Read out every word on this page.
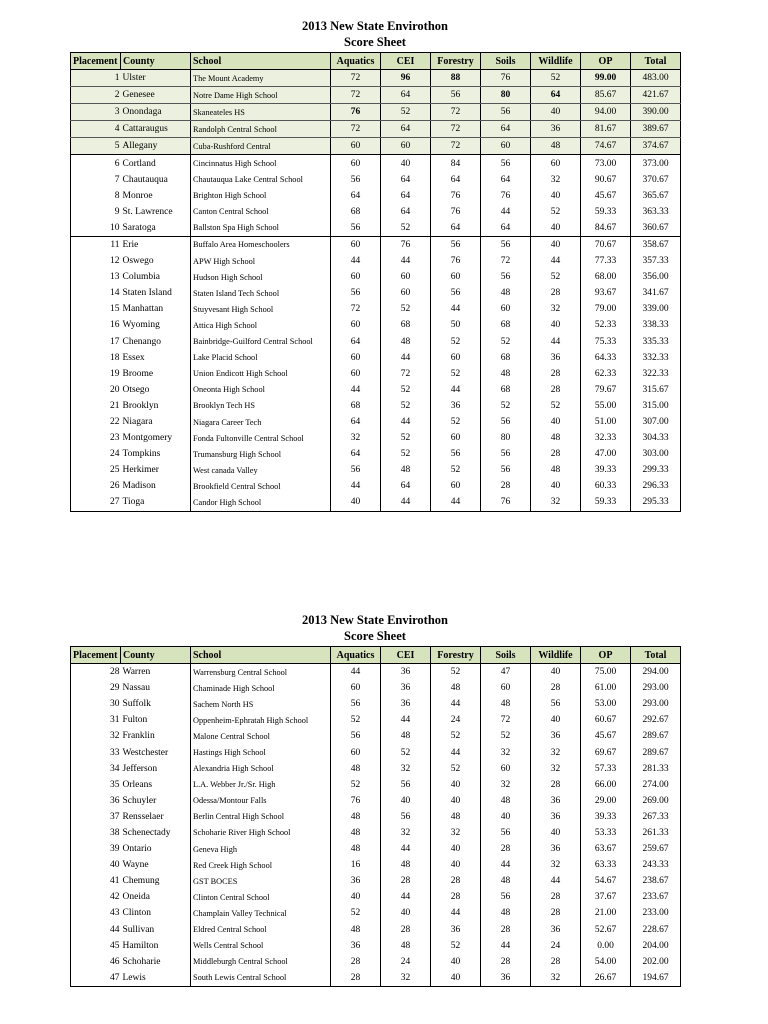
2013 New State Envirothon
Score Sheet
Placement	County	School	Aquatics	CEI	Forestry	Soils	Wildlife	OP	Total
1	Ulster	The Mount Academy	72	96	88	76	52	99.00	483.00
2	Genesee	Notre Dame High School	72	64	56	80	64	85.67	421.67
3	Onondaga	Skaneateles HS	76	52	72	56	40	94.00	390.00
4	Cattaraugus	Randolph Central School	72	64	72	64	36	81.67	389.67
5	Allegany	Cuba-Rushford Central	60	60	72	60	48	74.67	374.67
6	Cortland	Cincinnatus High School	60	40	84	56	60	73.00	373.00
7	Chautauqua	Chautauqua Lake Central School	56	64	64	64	32	90.67	370.67
8	Monroe	Brighton High School	64	64	76	76	40	45.67	365.67
9	St. Lawrence	Canton Central School	68	64	76	44	52	59.33	363.33
10	Saratoga	Ballston Spa High School	56	52	64	64	40	84.67	360.67
11	Erie	Buffalo Area Homeschoolers	60	76	56	56	40	70.67	358.67
12	Oswego	APW High School	44	44	76	72	44	77.33	357.33
13	Columbia	Hudson High School	60	60	60	56	52	68.00	356.00
14	Staten Island	Staten Island Tech School	56	60	56	48	28	93.67	341.67
15	Manhattan	Stuyvesant High School	72	52	44	60	32	79.00	339.00
16	Wyoming	Attica High School	60	68	50	68	40	52.33	338.33
17	Chenango	Bainbridge-Guilford Central School	64	48	52	52	44	75.33	335.33
18	Essex	Lake Placid School	60	44	60	68	36	64.33	332.33
19	Broome	Union Endicott High School	60	72	52	48	28	62.33	322.33
20	Otsego	Oneonta High School	44	52	44	68	28	79.67	315.67
21	Brooklyn	Brooklyn Tech HS	68	52	36	52	52	55.00	315.00
22	Niagara	Niagara Career Tech	64	44	52	56	40	51.00	307.00
23	Montgomery	Fonda Fultonville Central School	32	52	60	80	48	32.33	304.33
24	Tompkins	Trumansburg High School	64	52	56	56	28	47.00	303.00
25	Herkimer	West canada Valley	56	48	52	56	48	39.33	299.33
26	Madison	Brookfield Central School	44	64	60	28	40	60.33	296.33
27	Tioga	Candor High School	40	44	44	76	32	59.33	295.33
2013 New State Envirothon
Score Sheet
Placement	County	School	Aquatics	CEI	Forestry	Soils	Wildlife	OP	Total
28	Warren	Warrensburg Central School	44	36	52	47	40	75.00	294.00
29	Nassau	Chaminade High School	60	36	48	60	28	61.00	293.00
30	Suffolk	Sachem North HS	56	36	44	48	56	53.00	293.00
31	Fulton	Oppenheim-Ephratah High School	52	44	24	72	40	60.67	292.67
32	Franklin	Malone Central School	56	48	52	52	36	45.67	289.67
33	Westchester	Hastings High School	60	52	44	32	32	69.67	289.67
34	Jefferson	Alexandria High School	48	32	52	60	32	57.33	281.33
35	Orleans	L.A. Webber Jr./Sr. High	52	56	40	32	28	66.00	274.00
36	Schuyler	Odessa/Montour Falls	76	40	40	48	36	29.00	269.00
37	Rensselaer	Berlin Central High School	48	56	48	40	36	39.33	267.33
38	Schenectady	Schoharie River High School	48	32	32	56	40	53.33	261.33
39	Ontario	Geneva High	48	44	40	28	36	63.67	259.67
40	Wayne	Red Creek High School	16	48	40	44	32	63.33	243.33
41	Chemung	GST BOCES	36	28	28	48	44	54.67	238.67
42	Oneida	Clinton Central School	40	44	28	56	28	37.67	233.67
43	Clinton	Champlain Valley Technical	52	40	44	48	28	21.00	233.00
44	Sullivan	Eldred Central School	48	28	36	28	36	52.67	228.67
45	Hamilton	Wells Central School	36	48	52	44	24	0.00	204.00
46	Schoharie	Middleburgh Central School	28	24	40	28	28	54.00	202.00
47	Lewis	South Lewis Central School	28	32	40	36	32	26.67	194.67
